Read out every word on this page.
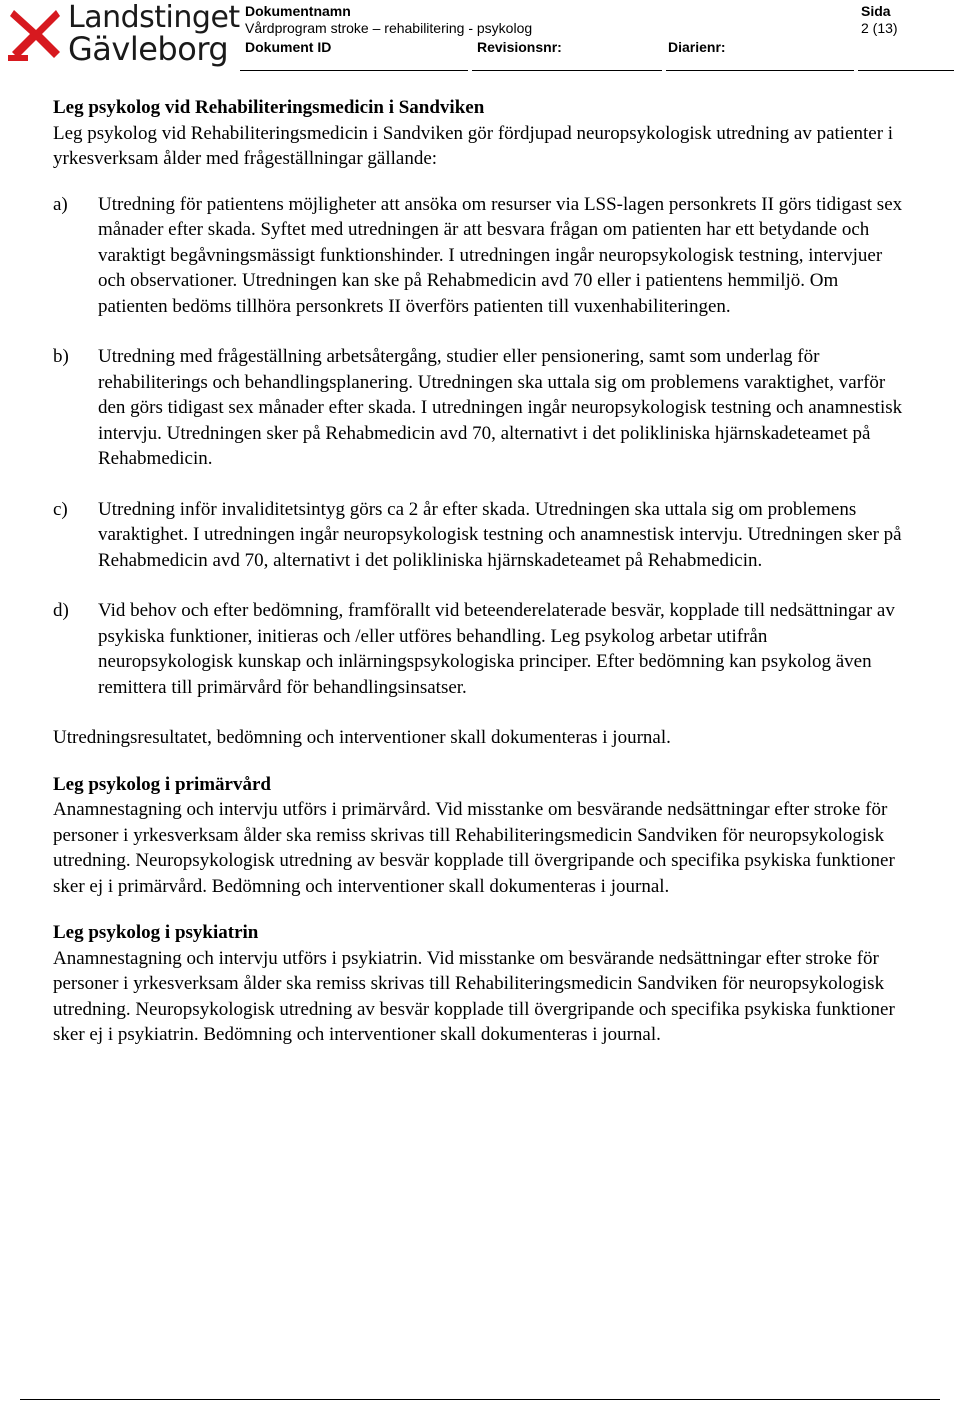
Landstinget
Gävleborg
Dokumentnamn
Vårdprogram stroke – rehabilitering - psykolog
Dokument ID	Revisionsnr:	Diarienr:
Sida
2 (13)
Leg psykolog vid Rehabiliteringsmedicin i Sandviken

Leg psykolog vid Rehabiliteringsmedicin i Sandviken gör fördjupad neuropsykologisk utredning av patienter i yrkesverksam ålder med frågeställningar gällande:

a)	Utredning för patientens möjligheter att ansöka om resurser via LSS-lagen personkrets II görs tidigast sex månader efter skada. Syftet med utredningen är att besvara frågan om patienten har ett betydande och varaktigt begåvningsmässigt funktionshinder. I utredningen ingår neuropsykologisk testning, intervjuer och observationer. Utredningen kan ske på Rehabmedicin avd 70 eller i patientens hemmiljö. Om patienten bedöms tillhöra personkrets II överförs patienten till vuxenhabiliteringen.
b)	Utredning med frågeställning arbetsåtergång, studier eller pensionering, samt som underlag för rehabiliterings och behandlingsplanering. Utredningen ska uttala sig om problemens varaktighet, varför den görs tidigast sex månader efter skada. I utredningen ingår neuropsykologisk testning och anamnestisk intervju. Utredningen sker på Rehabmedicin avd 70, alternativt i det polikliniska hjärnskadeteamet på Rehabmedicin.
c)	Utredning inför invaliditetsintyg görs ca 2 år efter skada. Utredningen ska uttala sig om problemens varaktighet. I utredningen ingår neuropsykologisk testning och anamnestisk intervju. Utredningen sker på Rehabmedicin avd 70, alternativt i det polikliniska hjärnskadeteamet på Rehabmedicin.
d)	Vid behov och efter bedömning, framförallt vid beteenderelaterade besvär, kopplade till nedsättningar av psykiska funktioner, initieras och /eller utföres behandling. Leg psykolog arbetar utifrån neuropsykologisk kunskap och inlärningspsykologiska principer. Efter bedömning kan psykolog även remittera till primärvård för behandlingsinsatser.

Utredningsresultatet, bedömning och interventioner skall dokumenteras i journal.

Leg psykolog i primärvård

Anamnestagning och intervju utförs i primärvård. Vid misstanke om besvärande nedsättningar efter stroke för personer i yrkesverksam ålder ska remiss skrivas till Rehabiliteringsmedicin Sandviken för neuropsykologisk utredning. Neuropsykologisk utredning av besvär kopplade till övergripande och specifika psykiska funktioner sker ej i primärvård. Bedömning och interventioner skall dokumenteras i journal.

Leg psykolog i psykiatrin

Anamnestagning och intervju utförs i psykiatrin. Vid misstanke om besvärande nedsättningar efter stroke för personer i yrkesverksam ålder ska remiss skrivas till Rehabiliteringsmedicin Sandviken för neuropsykologisk utredning. Neuropsykologisk utredning av besvär kopplade till övergripande och specifika psykiska funktioner sker ej i psykiatrin. Bedömning och interventioner skall dokumenteras i journal.
